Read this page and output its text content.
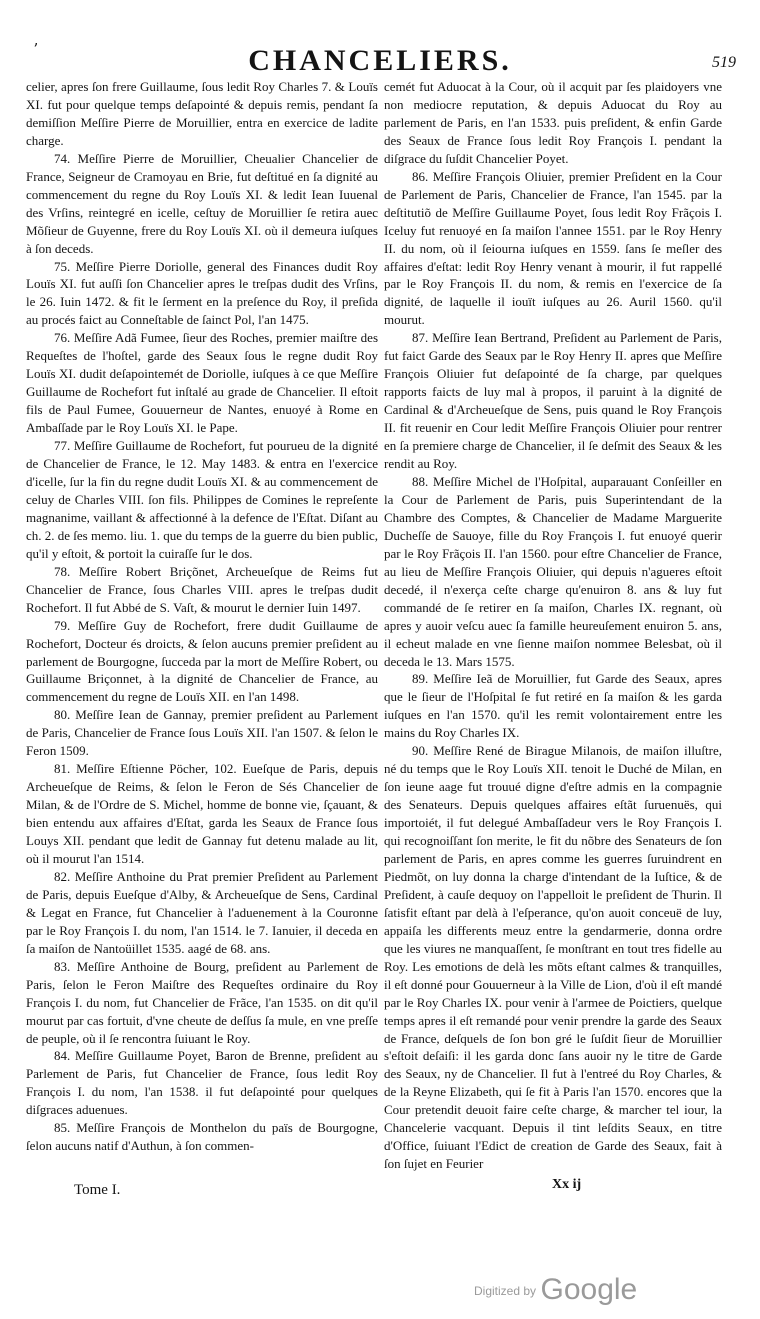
ʼ	CHANCELIERS.	519

celier, apres ſon frere Guillaume, ſous ledit Roy Charles 7. & Louïs XI. fut pour quelque temps deſapointé & depuis remis, pendant ſa demiſſion Meſſire Pierre de Moruillier, entra en exercice de ladite charge.

74. Meſſire Pierre de Moruillier, Cheualier Chancelier de France, Seigneur de Cramoyau en Brie, fut deſtitué en ſa dignité au commencement du regne du Roy Louïs XI. & ledit Iean Iuuenal des Vrſins, reintegré en icelle, ceſtuy de Moruillier ſe retira auec Mõſieur de Guyenne, frere du Roy Louïs XI. où il demeura iuſques à ſon deceds.

75. Meſſire Pierre Doriolle, general des Finances dudit Roy Louïs XI. fut auſſi ſon Chancelier apres le treſpas dudit des Vrſins, le 26. Iuin 1472. & fit le ſerment en la preſence du Roy, il preſida au procés faict au Conneſtable de ſainct Pol, l'an 1475.

76. Meſſire Adã Fumee, ſieur des Roches, premier maiſtre des Requeſtes de l'hoſtel, garde des Seaux ſous le regne dudit Roy Louïs XI. dudit deſapointemét de Doriolle, iuſques à ce que Meſſire Guillaume de Rochefort fut inſtalé au grade de Chancelier. Il eſtoit fils de Paul Fumee, Gouuerneur de Nantes, enuoyé à Rome en Ambaſſade par le Roy Louïs XI. le Pape.

77. Meſſire Guillaume de Rochefort, fut pourueu de la dignité de Chancelier de France, le 12. May 1483. & entra en l'exercice d'icelle, ſur la fin du regne dudit Louïs XI. & au commencement de celuy de Charles VIII. ſon fils. Philippes de Comines le repreſente magnanime, vaillant & affectionné à la defence de l'Eſtat. Diſant au ch. 2. de ſes memo. liu. 1. que du temps de la guerre du bien public, qu'il y eſtoit, & portoit la cuiraſſe ſur le dos.

78. Meſſire Robert Briçõnet, Archeueſque de Reims fut Chancelier de France, ſous Charles VIII. apres le treſpas dudit Rochefort. Il fut Abbé de S. Vaſt, & mourut le dernier Iuin 1497.

79. Meſſire Guy de Rochefort, frere dudit Guillaume de Rochefort, Docteur és droicts, & ſelon aucuns premier preſident au parlement de Bourgogne, ſucceda par la mort de Meſſire Robert, ou Guillaume Briçonnet, à la dignité de Chancelier de France, au commencement du regne de Louïs XII. en l'an 1498.

80. Meſſire Iean de Gannay, premier preſident au Parlement de Paris, Chancelier de France ſous Louïs XII. l'an 1507. & ſelon le Feron 1509.

81. Meſſire Eſtienne Pöcher, 102. Eueſque de Paris, depuis Archeueſque de Reims, & ſelon le Feron de Sés Chancelier de Milan, & de l'Ordre de S. Michel, homme de bonne vie, ſçauant, & bien entendu aux affaires d'Eſtat, garda les Seaux de France ſous Louys XII. pendant que ledit de Gannay fut detenu malade au lit, où il mourut l'an 1514.

82. Meſſire Anthoine du Prat premier Preſident au Parlement de Paris, depuis Eueſque d'Alby, & Archeueſque de Sens, Cardinal & Legat en France, fut Chancelier à l'aduenement à la Couronne par le Roy François I. du nom, l'an 1514. le 7. Ianuier, il deceda en ſa maiſon de Nantoüillet 1535. aagé de 68. ans.

83. Meſſire Anthoine de Bourg, preſident au Parlement de Paris, ſelon le Feron Maiſtre des Requeſtes ordinaire du Roy François I. du nom, fut Chancelier de Frãce, l'an 1535. on dit qu'il mourut par cas fortuit, d'vne cheute de deſſus ſa mule, en vne preſſe de peuple, où il ſe rencontra ſuiuant le Roy.

84. Meſſire Guillaume Poyet, Baron de Brenne, preſident au Parlement de Paris, fut Chancelier de France, ſous ledit Roy François I. du nom, l'an 1538. il fut deſapointé pour quelques diſgraces aduenues.

85. Meſſire François de Monthelon du païs de Bourgogne, ſelon aucuns natif d'Authun, à ſon commen-

cemét fut Aduocat à la Cour, où il acquit par ſes plaidoyers vne non mediocre reputation, & depuis Aduocat du Roy au parlement de Paris, en l'an 1533. puis preſident, & enfin Garde des Seaux de France ſous ledit Roy François I. pendant la diſgrace du ſuſdit Chancelier Poyet.

86. Meſſire François Oliuier, premier Preſident en la Cour de Parlement de Paris, Chancelier de France, l'an 1545. par la deſtitutiõ de Meſſire Guillaume Poyet, ſous ledit Roy Frãçois I. Iceluy fut renuoyé en ſa maiſon l'annee 1551. par le Roy Henry II. du nom, où il ſeiourna iuſques en 1559. ſans ſe meſler des affaires d'eſtat: ledit Roy Henry venant à mourir, il fut rappellé par le Roy François II. du nom, & remis en l'exercice de ſa dignité, de laquelle il iouït iuſques au 26. Auril 1560. qu'il mourut.

87. Meſſire Iean Bertrand, Preſident au Parlement de Paris, fut faict Garde des Seaux par le Roy Henry II. apres que Meſſire François Oliuier fut deſapointé de ſa charge, par quelques rapports faicts de luy mal à propos, il paruint à la dignité de Cardinal & d'Archeueſque de Sens, puis quand le Roy François II. fit reuenir en Cour ledit Meſſire François Oliuier pour rentrer en ſa premiere charge de Chancelier, il ſe deſmit des Seaux & les rendit au Roy.

88. Meſſire Michel de l'Hoſpital, auparauant Conſeiller en la Cour de Parlement de Paris, puis Superintendant de la Chambre des Comptes, & Chancelier de Madame Marguerite Ducheſſe de Sauoye, fille du Roy François I. fut enuoyé querir par le Roy Frãçois II. l'an 1560. pour eſtre Chancelier de France, au lieu de Meſſire François Oliuier, qui depuis n'agueres eſtoit decedé, il n'exerça ceſte charge qu'enuiron 8. ans & luy fut commandé de ſe retirer en ſa maiſon, Charles IX. regnant, où apres y auoir veſcu auec ſa famille heureuſement enuiron 5. ans, il echeut malade en vne ſienne maiſon nommee Belesbat, où il deceda le 13. Mars 1575.

89. Meſſire Ieã de Moruillier, fut Garde des Seaux, apres que le ſieur de l'Hoſpital ſe fut retiré en ſa maiſon & les garda iuſques en l'an 1570. qu'il les remit volontairement entre les mains du Roy Charles IX.

90. Meſſire René de Birague Milanois, de maiſon illuſtre, né du temps que le Roy Louïs XII. tenoit le Duché de Milan, en ſon ieune aage fut trouué digne d'eſtre admis en la compagnie des Senateurs. Depuis quelques affaires eſtãt ſuruenuës, qui importoiét, il fut delegué Ambaſſadeur vers le Roy François I. qui recognoiſſant ſon merite, le fit du nõbre des Senateurs de ſon parlement de Paris, en apres comme les guerres ſuruindrent en Piedmõt, on luy donna la charge d'intendant de la Iuſtice, & de Preſident, à cauſe dequoy on l'appelloit le preſident de Thurin. Il ſatisfit eſtant par delà à l'eſperance, qu'on auoit conceuë de luy, appaiſa les differents meuz entre la gendarmerie, donna ordre que les viures ne manquaſſent, ſe monſtrant en tout tres fidelle au Roy. Les emotions de delà les mõts eſtant calmes & tranquilles, il eſt donné pour Gouuerneur à la Ville de Lion, d'où il eſt mandé par le Roy Charles IX. pour venir à l'armee de Poictiers, quelque temps apres il eſt remandé pour venir prendre la garde des Seaux de France, deſquels de ſon bon gré le ſuſdit ſieur de Moruillier s'eſtoit deſaiſi: il les garda donc ſans auoir ny le titre de Garde des Seaux, ny de Chancelier. Il fut à l'entreé du Roy Charles, & de la Reyne Elizabeth, qui ſe fit à Paris l'an 1570. encores que la Cour pretendit deuoit faire ceſte charge, & marcher tel iour, la Chancelerie vacquant. Depuis il tint leſdits Seaux, en titre d'Office, ſuiuant l'Edict de creation de Garde des Seaux, fait à ſon ſujet en Feurier

Tome I.	Xx ij
$^{Digitized by}$ Google
